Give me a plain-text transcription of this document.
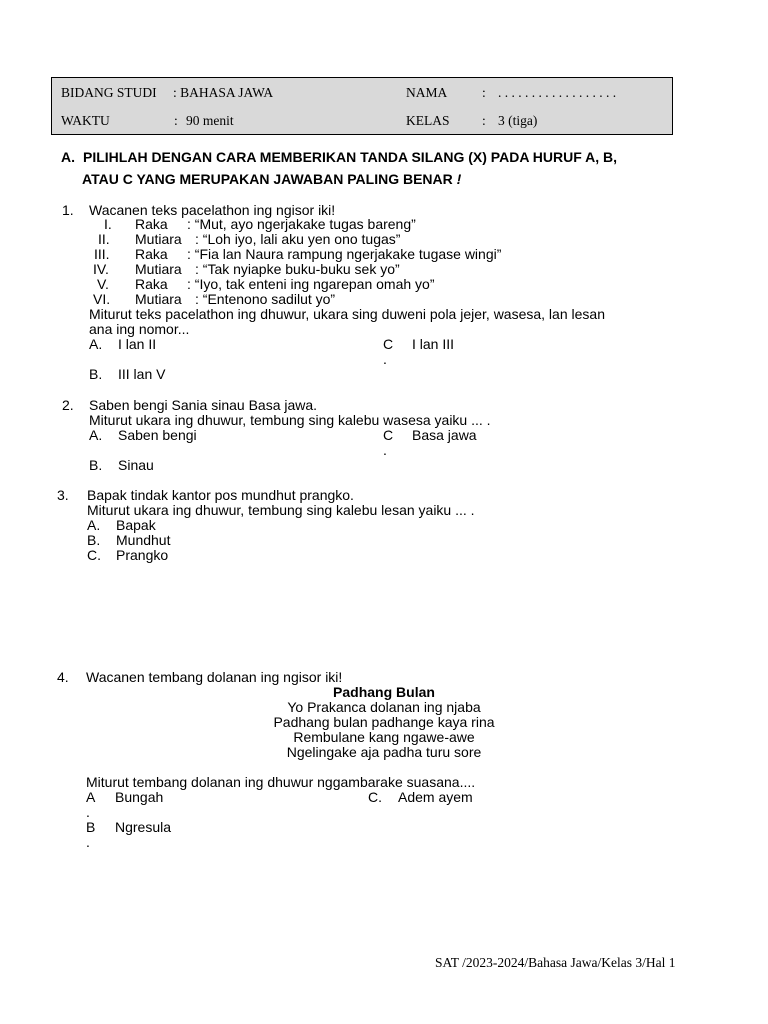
BIDANG STUDI : BAHASA JAWA	NAMA	: . . . . . . . . . . . . . . . . . .
WAKTU	: 90 menit	KELAS : 3 (tiga)
A. PILIHLAH DENGAN CARA MEMBERIKAN TANDA SILANG (X) PADA HURUF A, B,
ATAU C YANG MERUPAKAN JAWABAN PALING BENAR !
1. Wacanen teks pacelathon ing ngisor iki!
I. Raka : “Mut, ayo ngerjakake tugas bareng”
II. Mutiara : “Loh iyo, lali aku yen ono tugas”
III. Raka : “Fia lan Naura rampung ngerjakake tugase wingi”
IV. Mutiara : “Tak nyiapke buku-buku sek yo”
V. Raka : “Iyo, tak enteni ing ngarepan omah yo”
VI. Mutiara : “Entenono sadilut yo”
Miturut teks pacelathon ing dhuwur, ukara sing duweni pola jejer, wasesa, lan lesan
ana ing nomor...
A. I lan II	C I lan III
.
B. III lan V
2. Saben bengi Sania sinau Basa jawa.
Miturut ukara ing dhuwur, tembung sing kalebu wasesa yaiku ... .
A. Saben bengi	C Basa jawa
.
B. Sinau
3. Bapak tindak kantor pos mundhut prangko.
Miturut ukara ing dhuwur, tembung sing kalebu lesan yaiku ... .
A. Bapak
B. Mundhut
C. Prangko
4. Wacanen tembang dolanan ing ngisor iki!
Padhang Bulan
Yo Prakanca dolanan ing njaba
Padhang bulan padhange kaya rina
Rembulane kang ngawe-awe
Ngelingake aja padha turu sore
Miturut tembang dolanan ing dhuwur nggambarake suasana....
A Bungah	C. Adem ayem
.
B Ngresula
.
SAT /2023-2024/Bahasa Jawa/Kelas 3/Hal 1
